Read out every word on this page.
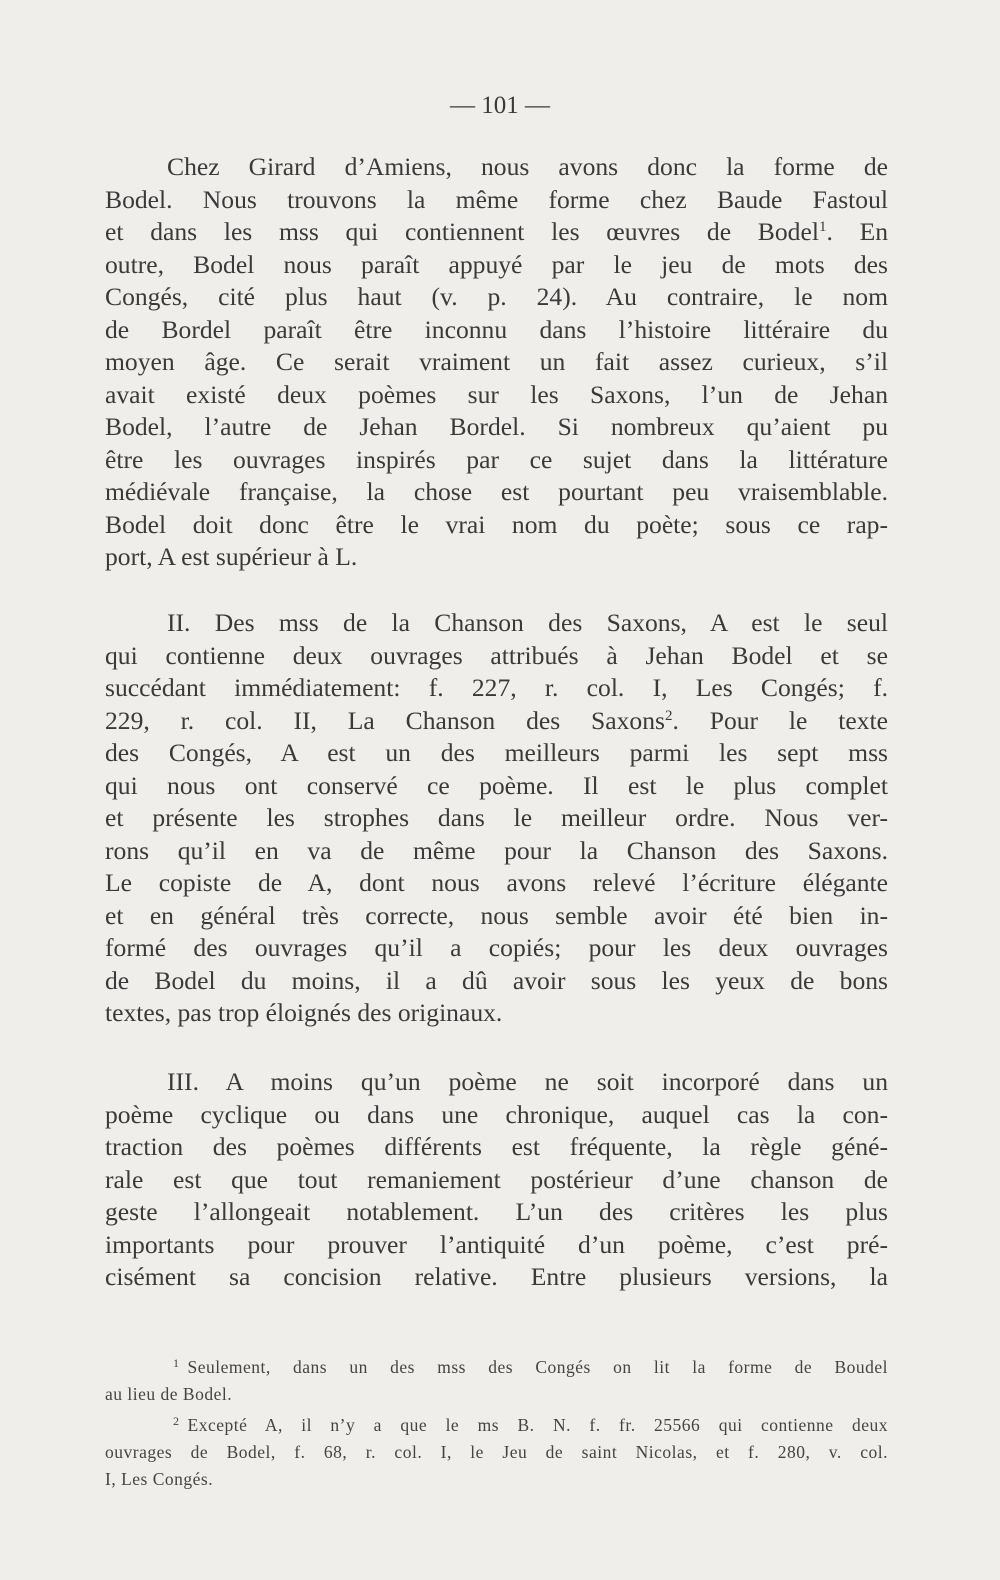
— 101 —
Chez Girard d’Amiens, nous avons donc la forme de
Bodel. Nous trouvons la même forme chez Baude Fastoul
et dans les mss qui contiennent les œuvres de Bodel$^1$. En
outre, Bodel nous paraît appuyé par le jeu de mots des
Congés, cité plus haut (v. p. 24). Au contraire, le nom
de Bordel paraît être inconnu dans l’histoire littéraire du
moyen âge. Ce serait vraiment un fait assez curieux, s’il
avait existé deux poèmes sur les Saxons, l’un de Jehan
Bodel, l’autre de Jehan Bordel. Si nombreux qu’aient pu
être les ouvrages inspirés par ce sujet dans la littérature
médiévale française, la chose est pourtant peu vraisemblable.
Bodel doit donc être le vrai nom du poète; sous ce rap-
port, A est supérieur à L.
II. Des mss de la Chanson des Saxons, A est le seul
qui contienne deux ouvrages attribués à Jehan Bodel et se
succédant immédiatement: f. 227, r. col. I, Les Congés; f.
229, r. col. II, La Chanson des Saxons$^2$. Pour le texte
des Congés, A est un des meilleurs parmi les sept mss
qui nous ont conservé ce poème. Il est le plus complet
et présente les strophes dans le meilleur ordre. Nous ver-
rons qu’il en va de même pour la Chanson des Saxons.
Le copiste de A, dont nous avons relevé l’écriture élégante
et en général très correcte, nous semble avoir été bien in-
formé des ouvrages qu’il a copiés; pour les deux ouvrages
de Bodel du moins, il a dû avoir sous les yeux de bons
textes, pas trop éloignés des originaux.
III. A moins qu’un poème ne soit incorporé dans un
poème cyclique ou dans une chronique, auquel cas la con-
traction des poèmes différents est fréquente, la règle géné-
rale est que tout remaniement postérieur d’une chanson de
geste l’allongeait notablement. L’un des critères les plus
importants pour prouver l’antiquité d’un poème, c’est pré-
cisément sa concision relative. Entre plusieurs versions, la
$^1$ Seulement, dans un des mss des Congés on lit la forme de Boudel
au lieu de Bodel.
$^2$ Excepté A, il n’y a que le ms B. N. f. fr. 25566 qui contienne deux
ouvrages de Bodel, f. 68, r. col. I, le Jeu de saint Nicolas, et f. 280, v. col.
I, Les Congés.
